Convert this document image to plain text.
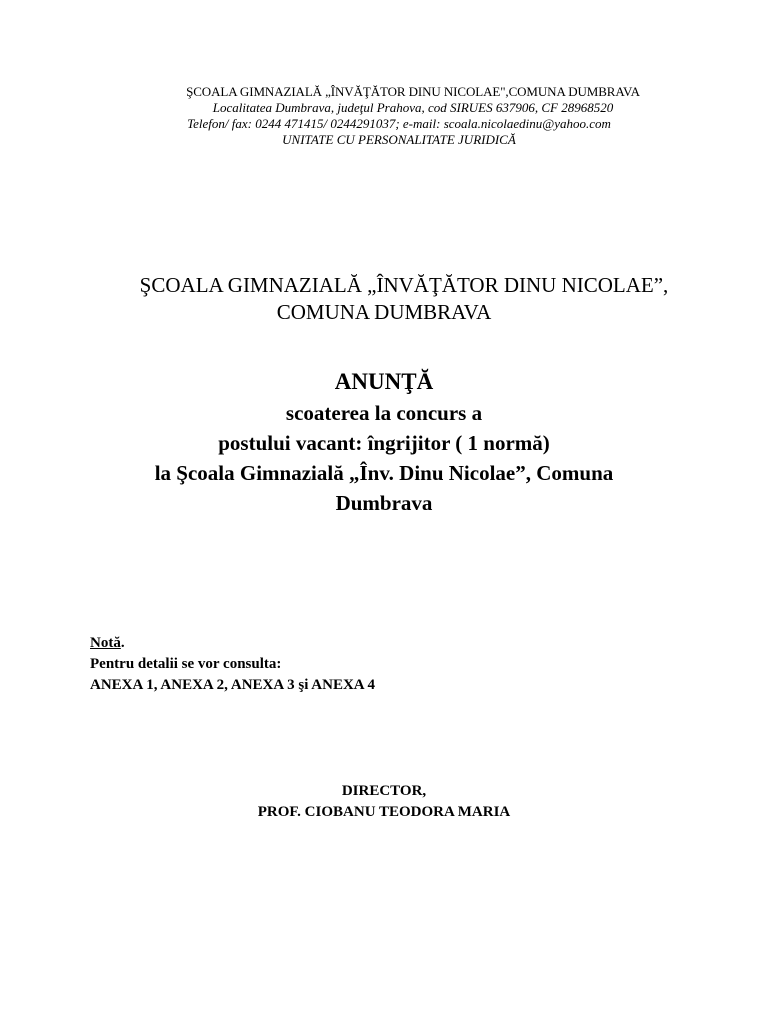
ŞCOALA GIMNAZIALĂ „ÎNVĂŢĂTOR DINU NICOLAE",COMUNA DUMBRAVA
Localitatea Dumbrava, judeţul Prahova, cod SIRUES 637906, CF 28968520
Telefon/ fax: 0244 471415/ 0244291037; e-mail: scoala.nicolaedinu@yahoo.com
UNITATE CU PERSONALITATE JURIDICĂ
ŞCOALA GIMNAZIALĂ „ÎNVĂŢĂTOR DINU NICOLAE”,
COMUNA DUMBRAVA
ANUNŢĂ
scoaterea la concurs a
postului vacant: îngrijitor ( 1 normă)
la Şcoala Gimnazială „Înv. Dinu Nicolae”, Comuna
Dumbrava
Notă.
Pentru detalii se vor consulta:
ANEXA 1, ANEXA 2, ANEXA 3 şi ANEXA 4
DIRECTOR,
PROF. CIOBANU TEODORA MARIA
